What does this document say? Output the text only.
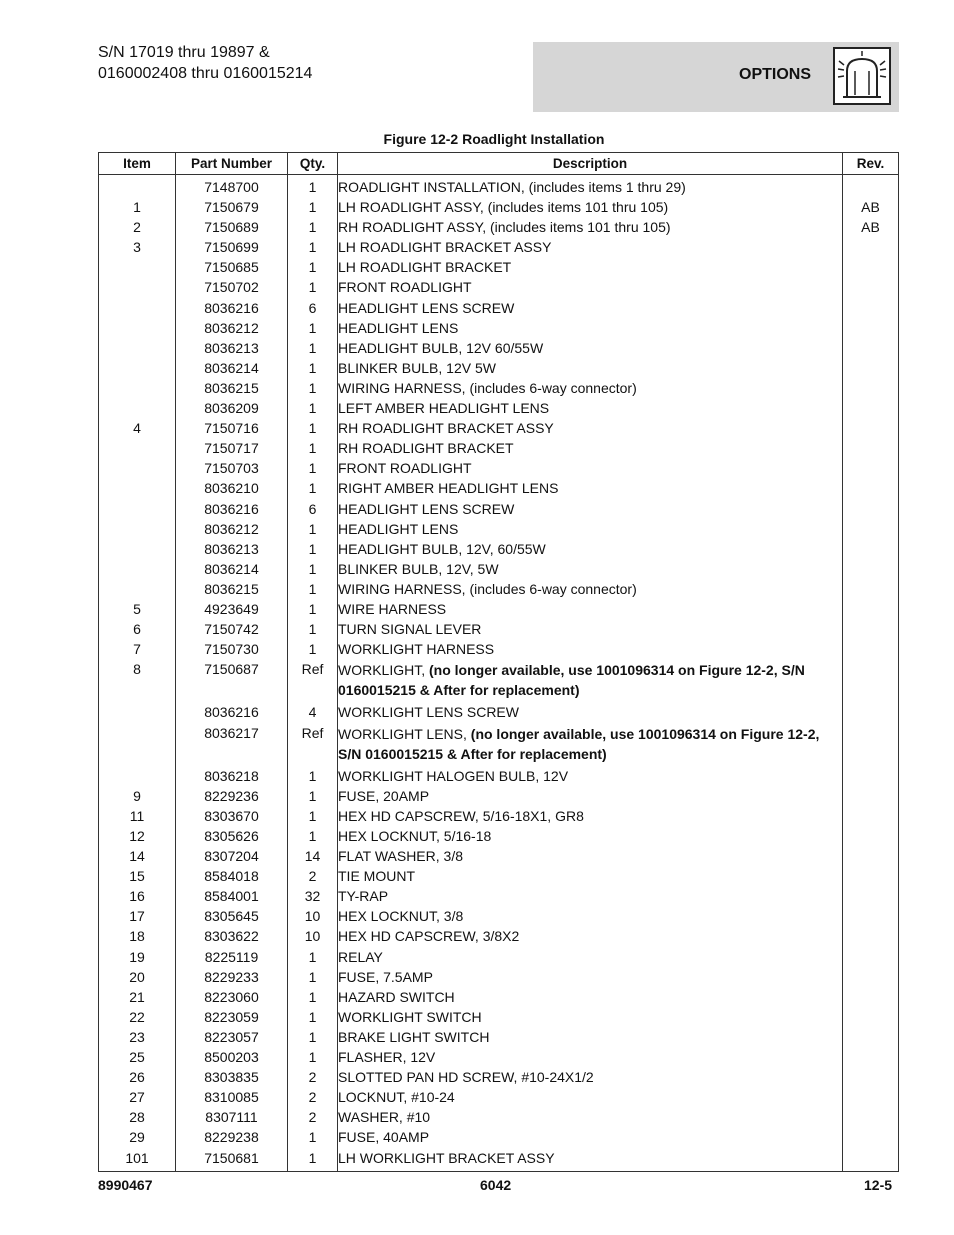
S/N 17019 thru 19897 &
0160002408 thru 0160015214	OPTIONS
Figure 12-2 Roadlight Installation
Item	Part Number	Qty.	Description	Rev.
	7148700	1	ROADLIGHT INSTALLATION, (includes items 1 thru 29)	
1	7150679	1	LH ROADLIGHT ASSY, (includes items 101 thru 105)	AB
2	7150689	1	RH ROADLIGHT ASSY, (includes items 101 thru 105)	AB
3	7150699	1	LH ROADLIGHT BRACKET ASSY	
	7150685	1	LH ROADLIGHT BRACKET	
	7150702	1	FRONT ROADLIGHT	
	8036216	6	HEADLIGHT LENS SCREW	
	8036212	1	HEADLIGHT LENS	
	8036213	1	HEADLIGHT BULB, 12V 60/55W	
	8036214	1	BLINKER BULB, 12V 5W	
	8036215	1	WIRING HARNESS, (includes 6-way connector)	
	8036209	1	LEFT AMBER HEADLIGHT LENS	
4	7150716	1	RH ROADLIGHT BRACKET ASSY	
	7150717	1	RH ROADLIGHT BRACKET	
	7150703	1	FRONT ROADLIGHT	
	8036210	1	RIGHT AMBER HEADLIGHT LENS	
	8036216	6	HEADLIGHT LENS SCREW	
	8036212	1	HEADLIGHT LENS	
	8036213	1	HEADLIGHT BULB, 12V, 60/55W	
	8036214	1	BLINKER BULB, 12V, 5W	
	8036215	1	WIRING HARNESS, (includes 6-way connector)	
5	4923649	1	WIRE HARNESS	
6	7150742	1	TURN SIGNAL LEVER	
7	7150730	1	WORKLIGHT HARNESS	
8	7150687	Ref	WORKLIGHT, (no longer available, use 1001096314 on Figure 12-2, S/N 0160015215 & After for replacement)	
	8036216	4	WORKLIGHT LENS SCREW	
	8036217	Ref	WORKLIGHT LENS, (no longer available, use 1001096314 on Figure 12-2, S/N 0160015215 & After for replacement)	
	8036218	1	WORKLIGHT HALOGEN BULB, 12V	
9	8229236	1	FUSE, 20AMP	
11	8303670	1	HEX HD CAPSCREW, 5/16-18X1, GR8	
12	8305626	1	HEX LOCKNUT, 5/16-18	
14	8307204	14	FLAT WASHER, 3/8	
15	8584018	2	TIE MOUNT	
16	8584001	32	TY-RAP	
17	8305645	10	HEX LOCKNUT, 3/8	
18	8303622	10	HEX HD CAPSCREW, 3/8X2	
19	8225119	1	RELAY	
20	8229233	1	FUSE, 7.5AMP	
21	8223060	1	HAZARD SWITCH	
22	8223059	1	WORKLIGHT SWITCH	
23	8223057	1	BRAKE LIGHT SWITCH	
25	8500203	1	FLASHER, 12V	
26	8303835	2	SLOTTED PAN HD SCREW, #10-24X1/2	
27	8310085	2	LOCKNUT, #10-24	
28	8307111	2	WASHER, #10	
29	8229238	1	FUSE, 40AMP	
101	7150681	1	LH WORKLIGHT BRACKET ASSY	
8990467	6042	12-5
